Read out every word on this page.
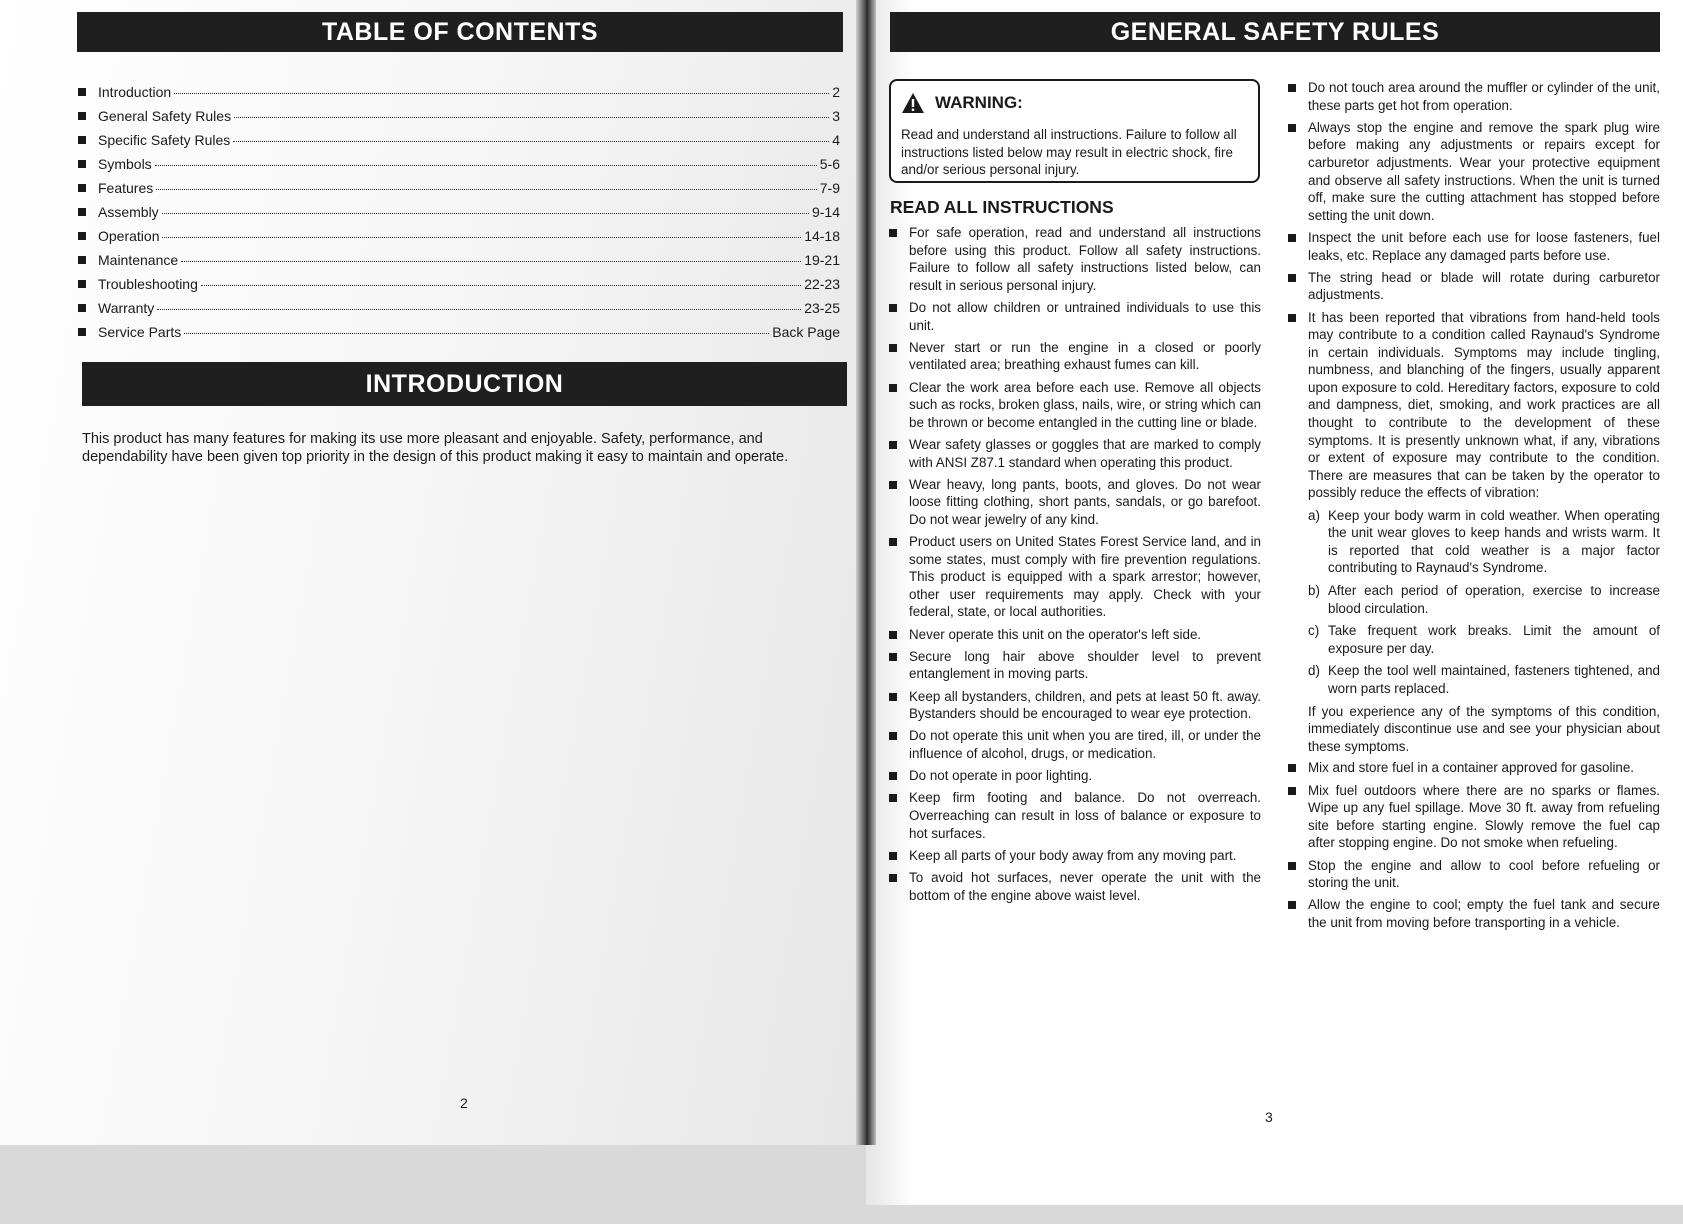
TABLE OF CONTENTS
Introduction	2
General Safety Rules	3
Specific Safety Rules	4
Symbols	5-6
Features	7-9
Assembly	9-14
Operation	14-18
Maintenance	19-21
Troubleshooting	22-23
Warranty	23-25
Service Parts	Back Page
INTRODUCTION

This product has many features for making its use more pleasant and enjoyable. Safety, performance, and dependability have been given top priority in the design of this product making it easy to maintain and operate.

2
GENERAL SAFETY RULES
WARNING:

Read and understand all instructions. Failure to follow all instructions listed below may result in electric shock, fire and/or serious personal injury.

READ ALL INSTRUCTIONS
For safe operation, read and understand all instructions before using this product. Follow all safety instructions. Failure to follow all safety instructions listed below, can result in serious personal injury.
Do not allow children or untrained individuals to use this unit.
Never start or run the engine in a closed or poorly ventilated area; breathing exhaust fumes can kill.
Clear the work area before each use. Remove all objects such as rocks, broken glass, nails, wire, or string which can be thrown or become entangled in the cutting line or blade.
Wear safety glasses or goggles that are marked to comply with ANSI Z87.1 standard when operating this product.
Wear heavy, long pants, boots, and gloves. Do not wear loose fitting clothing, short pants, sandals, or go barefoot. Do not wear jewelry of any kind.
Product users on United States Forest Service land, and in some states, must comply with fire prevention regulations. This product is equipped with a spark arrestor; however, other user requirements may apply. Check with your federal, state, or local authorities.
Never operate this unit on the operator's left side.
Secure long hair above shoulder level to prevent entanglement in moving parts.
Keep all bystanders, children, and pets at least 50 ft. away. Bystanders should be encouraged to wear eye protection.
Do not operate this unit when you are tired, ill, or under the influence of alcohol, drugs, or medication.
Do not operate in poor lighting.
Keep firm footing and balance. Do not overreach. Overreaching can result in loss of balance or exposure to hot surfaces.
Keep all parts of your body away from any moving part.
To avoid hot surfaces, never operate the unit with the bottom of the engine above waist level.
Do not touch area around the muffler or cylinder of the unit, these parts get hot from operation.
Always stop the engine and remove the spark plug wire before making any adjustments or repairs except for carburetor adjustments. Wear your protective equipment and observe all safety instructions. When the unit is turned off, make sure the cutting attachment has stopped before setting the unit down.
Inspect the unit before each use for loose fasteners, fuel leaks, etc. Replace any damaged parts before use.
The string head or blade will rotate during carburetor adjustments.
It has been reported that vibrations from hand-held tools may contribute to a condition called Raynaud's Syndrome in certain individuals. Symptoms may include tingling, numbness, and blanching of the fingers, usually apparent upon exposure to cold. Hereditary factors, exposure to cold and dampness, diet, smoking, and work practices are all thought to contribute to the development of these symptoms. It is presently unknown what, if any, vibrations or extent of exposure may contribute to the condition. There are measures that can be taken by the operator to possibly reduce the effects of vibration:
a) Keep your body warm in cold weather. When operating the unit wear gloves to keep hands and wrists warm. It is reported that cold weather is a major factor contributing to Raynaud's Syndrome.
b) After each period of operation, exercise to increase blood circulation.
c) Take frequent work breaks. Limit the amount of exposure per day.
d) Keep the tool well maintained, fasteners tightened, and worn parts replaced.

If you experience any of the symptoms of this condition, immediately discontinue use and see your physician about these symptoms.

Mix and store fuel in a container approved for gasoline.
Mix fuel outdoors where there are no sparks or flames. Wipe up any fuel spillage. Move 30 ft. away from refueling site before starting engine. Slowly remove the fuel cap after stopping engine. Do not smoke when refueling.
Stop the engine and allow to cool before refueling or storing the unit.
Allow the engine to cool; empty the fuel tank and secure the unit from moving before transporting in a vehicle.
3
